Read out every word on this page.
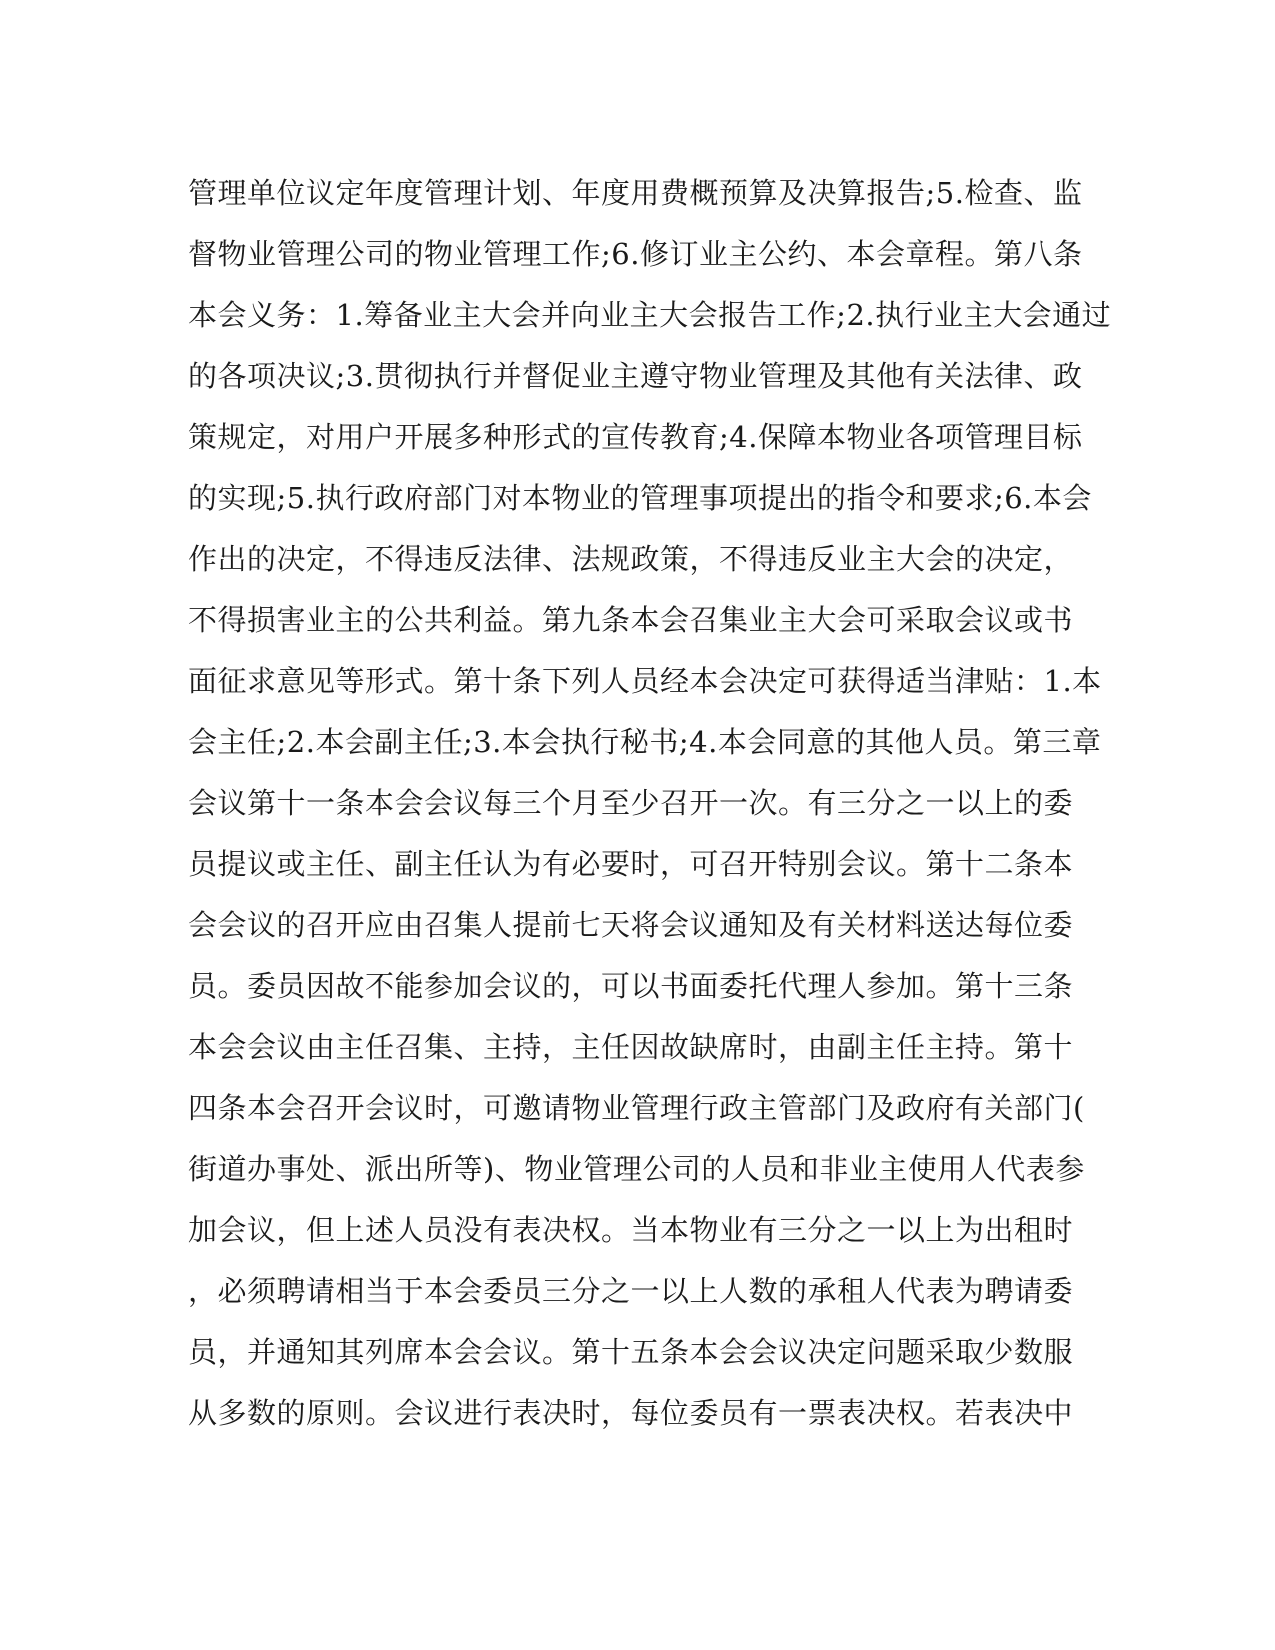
管理单位议定年度管理计划、年度用费概预算及决算报告;5.检查、监
督物业管理公司的物业管理工作;6.修订业主公约、本会章程。第八条
本会义务：1.筹备业主大会并向业主大会报告工作;2.执行业主大会通过
的各项决议;3.贯彻执行并督促业主遵守物业管理及其他有关法律、政
策规定，对用户开展多种形式的宣传教育;4.保障本物业各项管理目标
的实现;5.执行政府部门对本物业的管理事项提出的指令和要求;6.本会
作出的决定，不得违反法律、法规政策，不得违反业主大会的决定，
不得损害业主的公共利益。第九条本会召集业主大会可采取会议或书
面征求意见等形式。第十条下列人员经本会决定可获得适当津贴：1.本
会主任;2.本会副主任;3.本会执行秘书;4.本会同意的其他人员。第三章
会议第十一条本会会议每三个月至少召开一次。有三分之一以上的委
员提议或主任、副主任认为有必要时，可召开特别会议。第十二条本
会会议的召开应由召集人提前七天将会议通知及有关材料送达每位委
员。委员因故不能参加会议的，可以书面委托代理人参加。第十三条
本会会议由主任召集、主持，主任因故缺席时，由副主任主持。第十
四条本会召开会议时，可邀请物业管理行政主管部门及政府有关部门(
街道办事处、派出所等)、物业管理公司的人员和非业主使用人代表参
加会议，但上述人员没有表决权。当本物业有三分之一以上为出租时
，必须聘请相当于本会委员三分之一以上人数的承租人代表为聘请委
员，并通知其列席本会会议。第十五条本会会议决定问题采取少数服
从多数的原则。会议进行表决时，每位委员有一票表决权。若表决中
